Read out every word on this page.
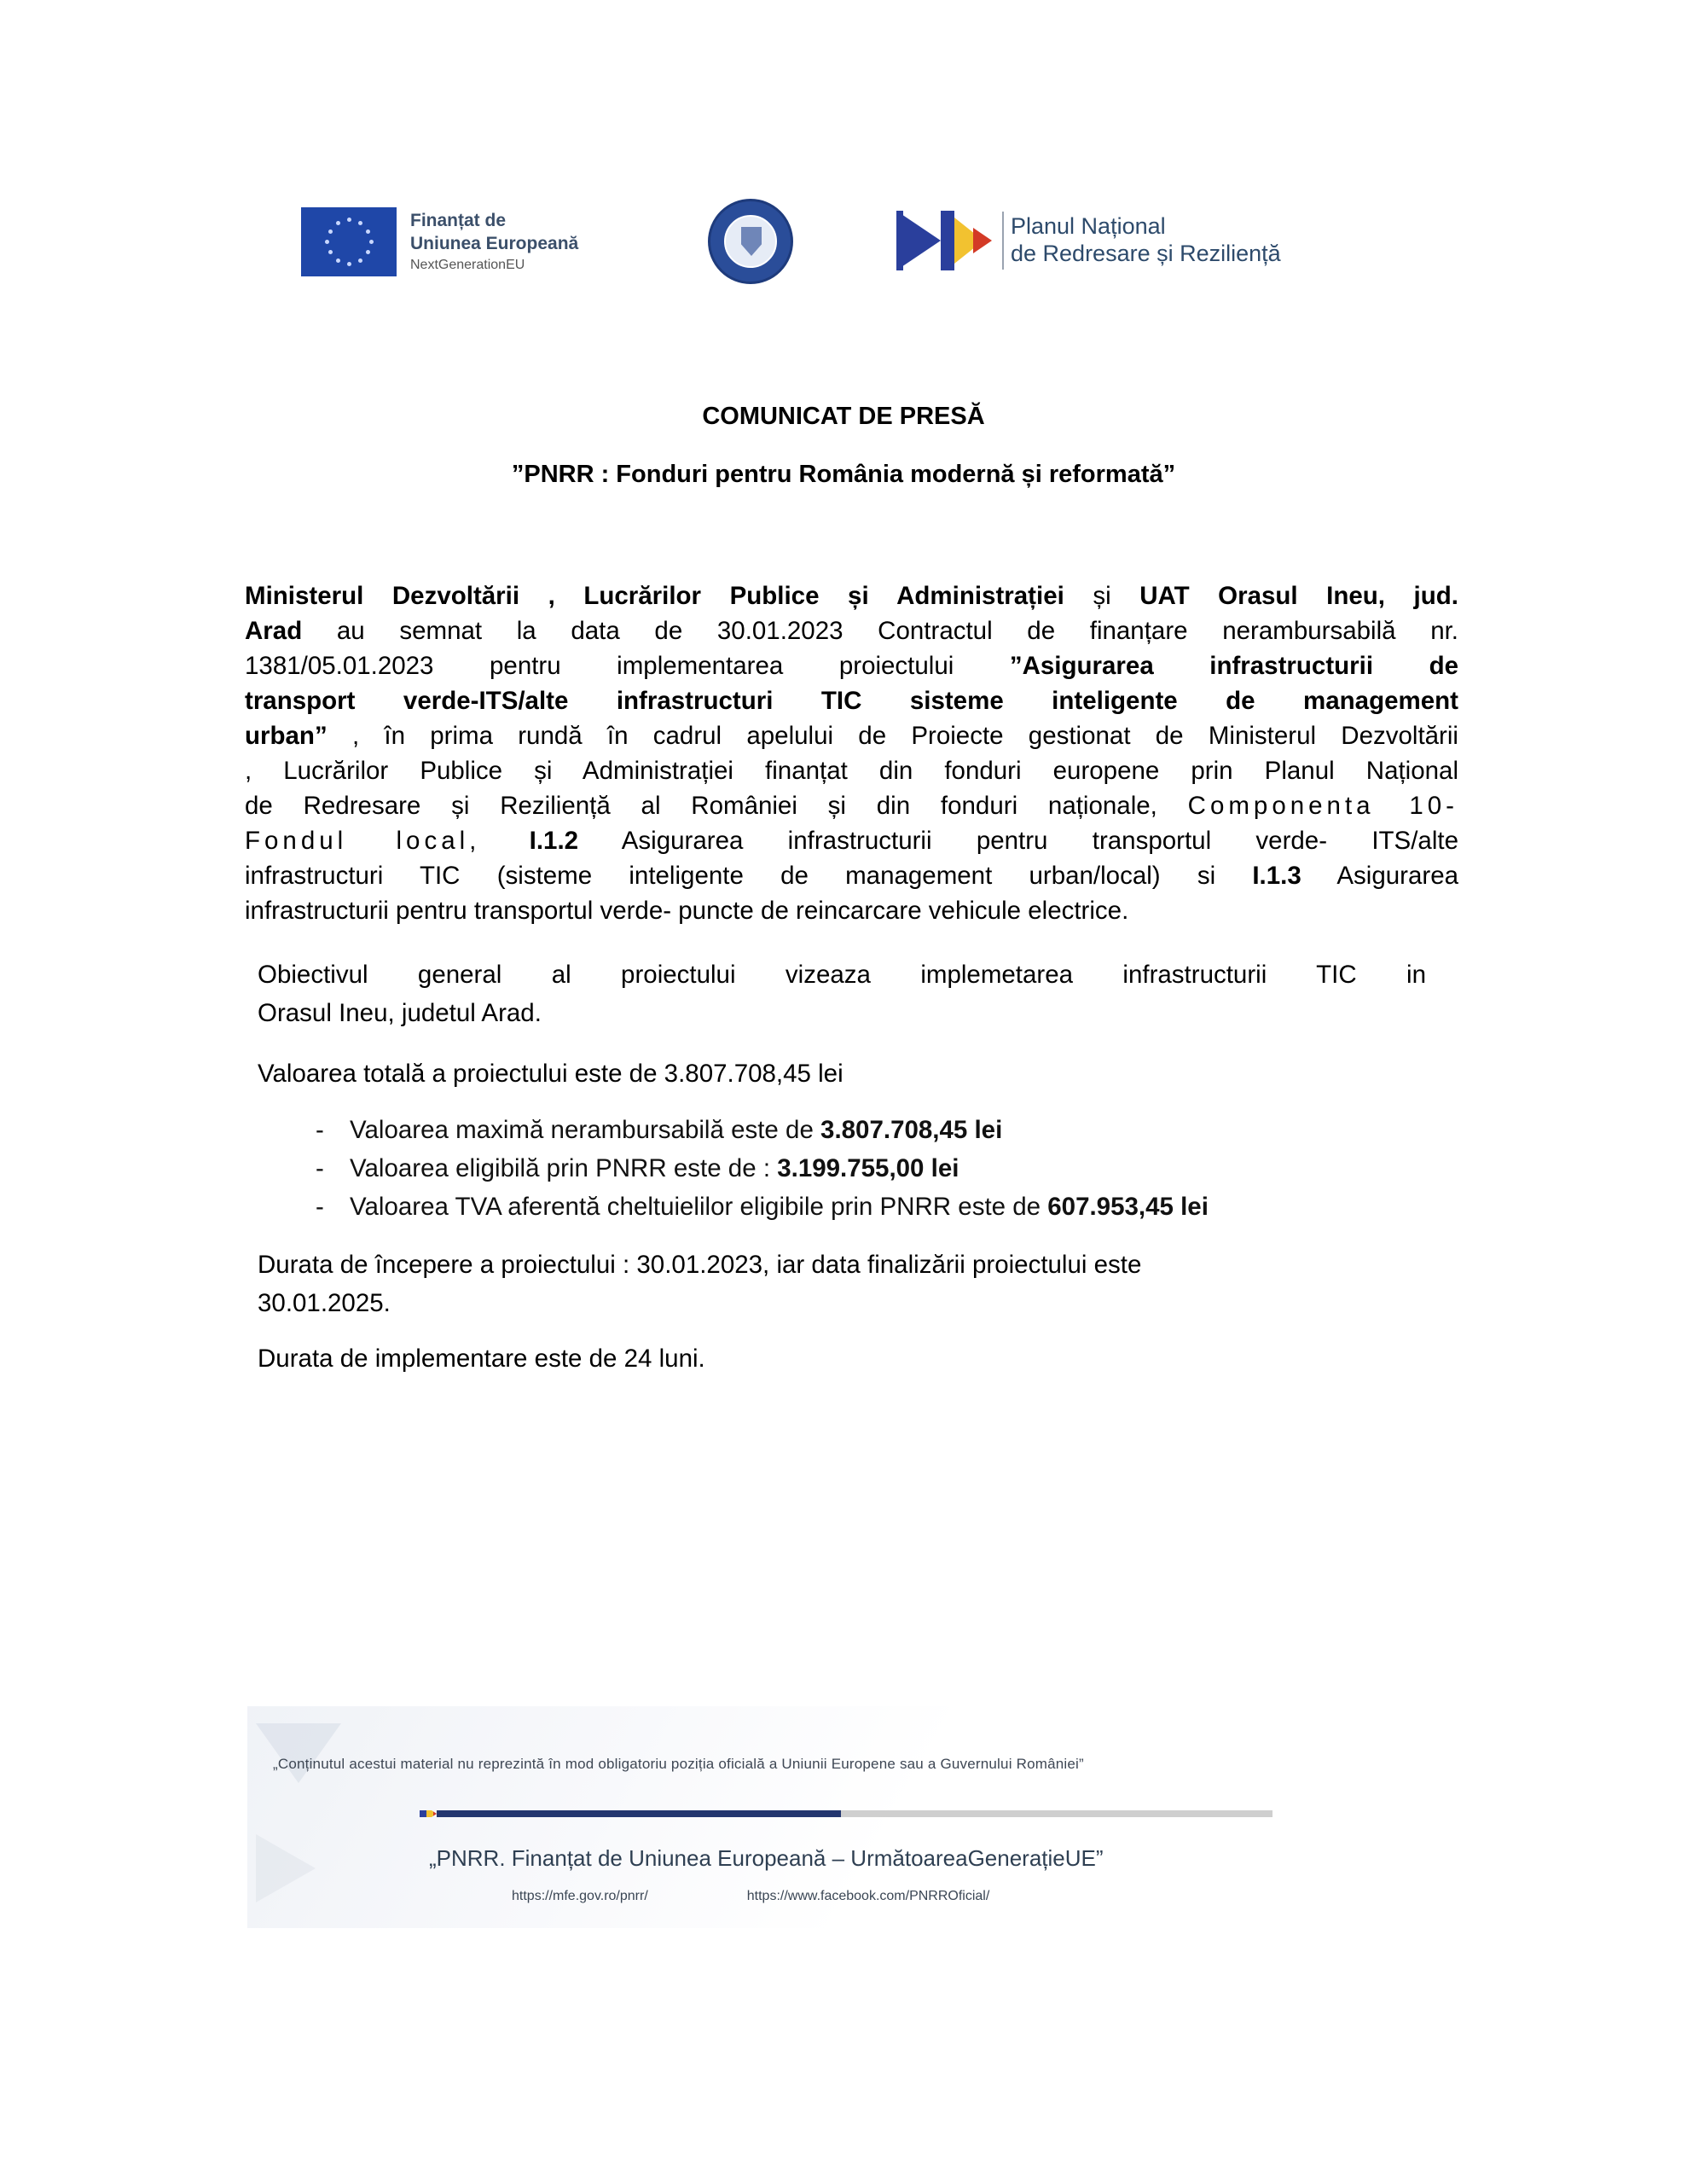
Finanțat de
Uniunea Europeană
NextGenerationEU
Planul Național
de Redresare și Reziliență
COMUNICAT DE PRESĂ
”PNRR : Fonduri pentru România modernă și reformată”
Ministerul Dezvoltării , Lucrărilor Publice și Administrației și UAT Orasul Ineu, jud.
Arad au semnat la data de 30.01.2023 Contractul de finanțare nerambursabilă nr.
1381/05.01.2023 pentru implementarea proiectului ”Asigurarea infrastructurii de
transport verde-ITS/alte infrastructuri TIC sisteme inteligente de management
urban” , în prima rundă în cadrul apelului de Proiecte gestionat de Ministerul Dezvoltării
, Lucrărilor Publice și Administrației finanțat din fonduri europene prin Planul Național
de Redresare și Reziliență al României și din fonduri naționale, Componenta 10-
Fondul local, I.1.2 Asigurarea infrastructurii pentru transportul verde- ITS/alte
infrastructuri TIC (sisteme inteligente de management urban/local) si I.1.3 Asigurarea
infrastructurii pentru transportul verde- puncte de reincarcare vehicule electrice.
Obiectivul general al proiectului vizeaza implemetarea infrastructurii TIC in
Orasul Ineu, judetul Arad.
Valoarea totală a proiectului este de 3.807.708,45 lei
-	Valoarea maximă nerambursabilă este de 3.807.708,45 lei
-	Valoarea eligibilă prin PNRR este de : 3.199.755,00 lei
-	Valoarea TVA aferentă cheltuielilor eligibile prin PNRR este de 607.953,45 lei
Durata de începere a proiectului : 30.01.2023, iar data finalizării proiectului este
30.01.2025.
Durata de implementare este de 24 luni.
„Conținutul acestui material nu reprezintă în mod obligatoriu poziția oficială a Uniunii Europene sau a Guvernului României”
„PNRR. Finanțat de Uniunea Europeană – UrmătoareaGenerațieUE”
https://mfe.gov.ro/pnrr/	https://www.facebook.com/PNRROficial/
